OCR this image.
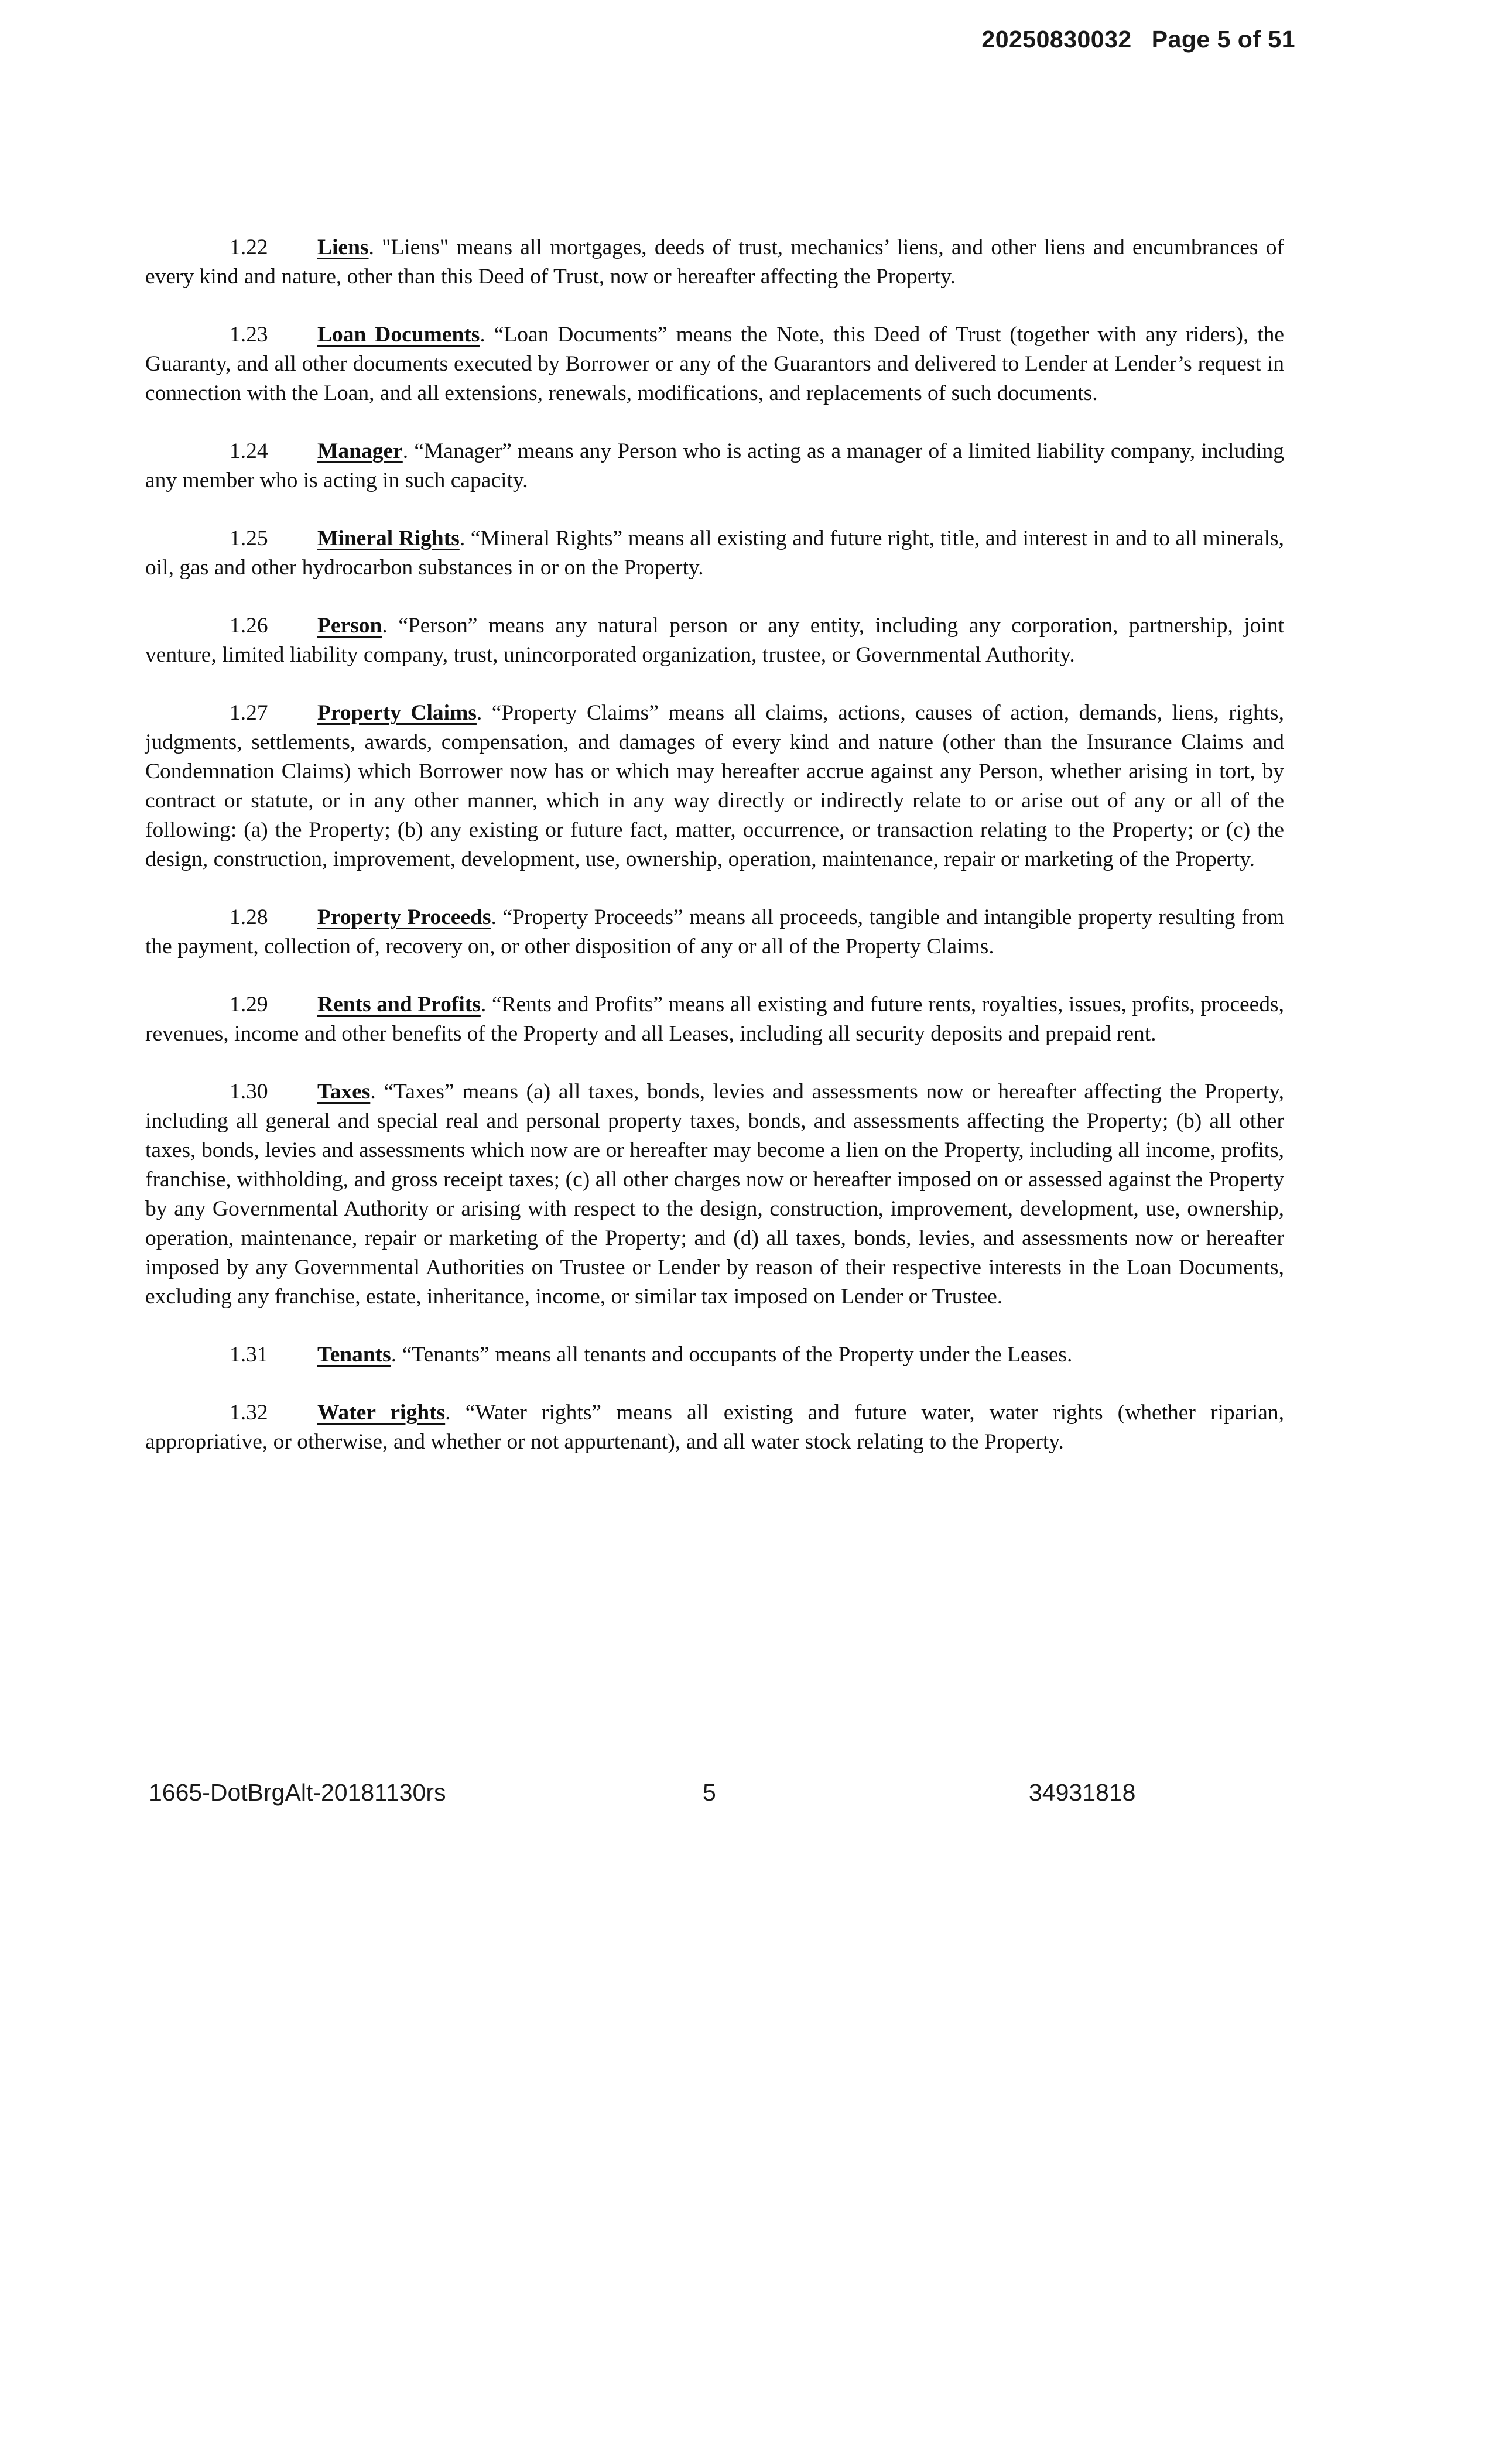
20250830032 Page 5 of 51

1.22 Liens. "Liens" means all mortgages, deeds of trust, mechanics’ liens, and other liens and encumbrances of every kind and nature, other than this Deed of Trust, now or hereafter affecting the Property.

1.23 Loan Documents. “Loan Documents” means the Note, this Deed of Trust (together with any riders), the Guaranty, and all other documents executed by Borrower or any of the Guarantors and delivered to Lender at Lender’s request in connection with the Loan, and all extensions, renewals, modifications, and replacements of such documents.

1.24 Manager. “Manager” means any Person who is acting as a manager of a limited liability company, including any member who is acting in such capacity.

1.25 Mineral Rights. “Mineral Rights” means all existing and future right, title, and interest in and to all minerals, oil, gas and other hydrocarbon substances in or on the Property.

1.26 Person. “Person” means any natural person or any entity, including any corporation, partnership, joint venture, limited liability company, trust, unincorporated organization, trustee, or Governmental Authority.

1.27 Property Claims. “Property Claims” means all claims, actions, causes of action, demands, liens, rights, judgments, settlements, awards, compensation, and damages of every kind and nature (other than the Insurance Claims and Condemnation Claims) which Borrower now has or which may hereafter accrue against any Person, whether arising in tort, by contract or statute, or in any other manner, which in any way directly or indirectly relate to or arise out of any or all of the following: (a) the Property; (b) any existing or future fact, matter, occurrence, or transaction relating to the Property; or (c) the design, construction, improvement, development, use, ownership, operation, maintenance, repair or marketing of the Property.

1.28 Property Proceeds. “Property Proceeds” means all proceeds, tangible and intangible property resulting from the payment, collection of, recovery on, or other disposition of any or all of the Property Claims.

1.29 Rents and Profits. “Rents and Profits” means all existing and future rents, royalties, issues, profits, proceeds, revenues, income and other benefits of the Property and all Leases, including all security deposits and prepaid rent.

1.30 Taxes. “Taxes” means (a) all taxes, bonds, levies and assessments now or hereafter affecting the Property, including all general and special real and personal property taxes, bonds, and assessments affecting the Property; (b) all other taxes, bonds, levies and assessments which now are or hereafter may become a lien on the Property, including all income, profits, franchise, withholding, and gross receipt taxes; (c) all other charges now or hereafter imposed on or assessed against the Property by any Governmental Authority or arising with respect to the design, construction, improvement, development, use, ownership, operation, maintenance, repair or marketing of the Property; and (d) all taxes, bonds, levies, and assessments now or hereafter imposed by any Governmental Authorities on Trustee or Lender by reason of their respective interests in the Loan Documents, excluding any franchise, estate, inheritance, income, or similar tax imposed on Lender or Trustee.

1.31 Tenants. “Tenants” means all tenants and occupants of the Property under the Leases.

1.32 Water rights. “Water rights” means all existing and future water, water rights (whether riparian, appropriative, or otherwise, and whether or not appurtenant), and all water stock relating to the Property.

1665-DotBrgAlt-20181130rs	5	34931818
